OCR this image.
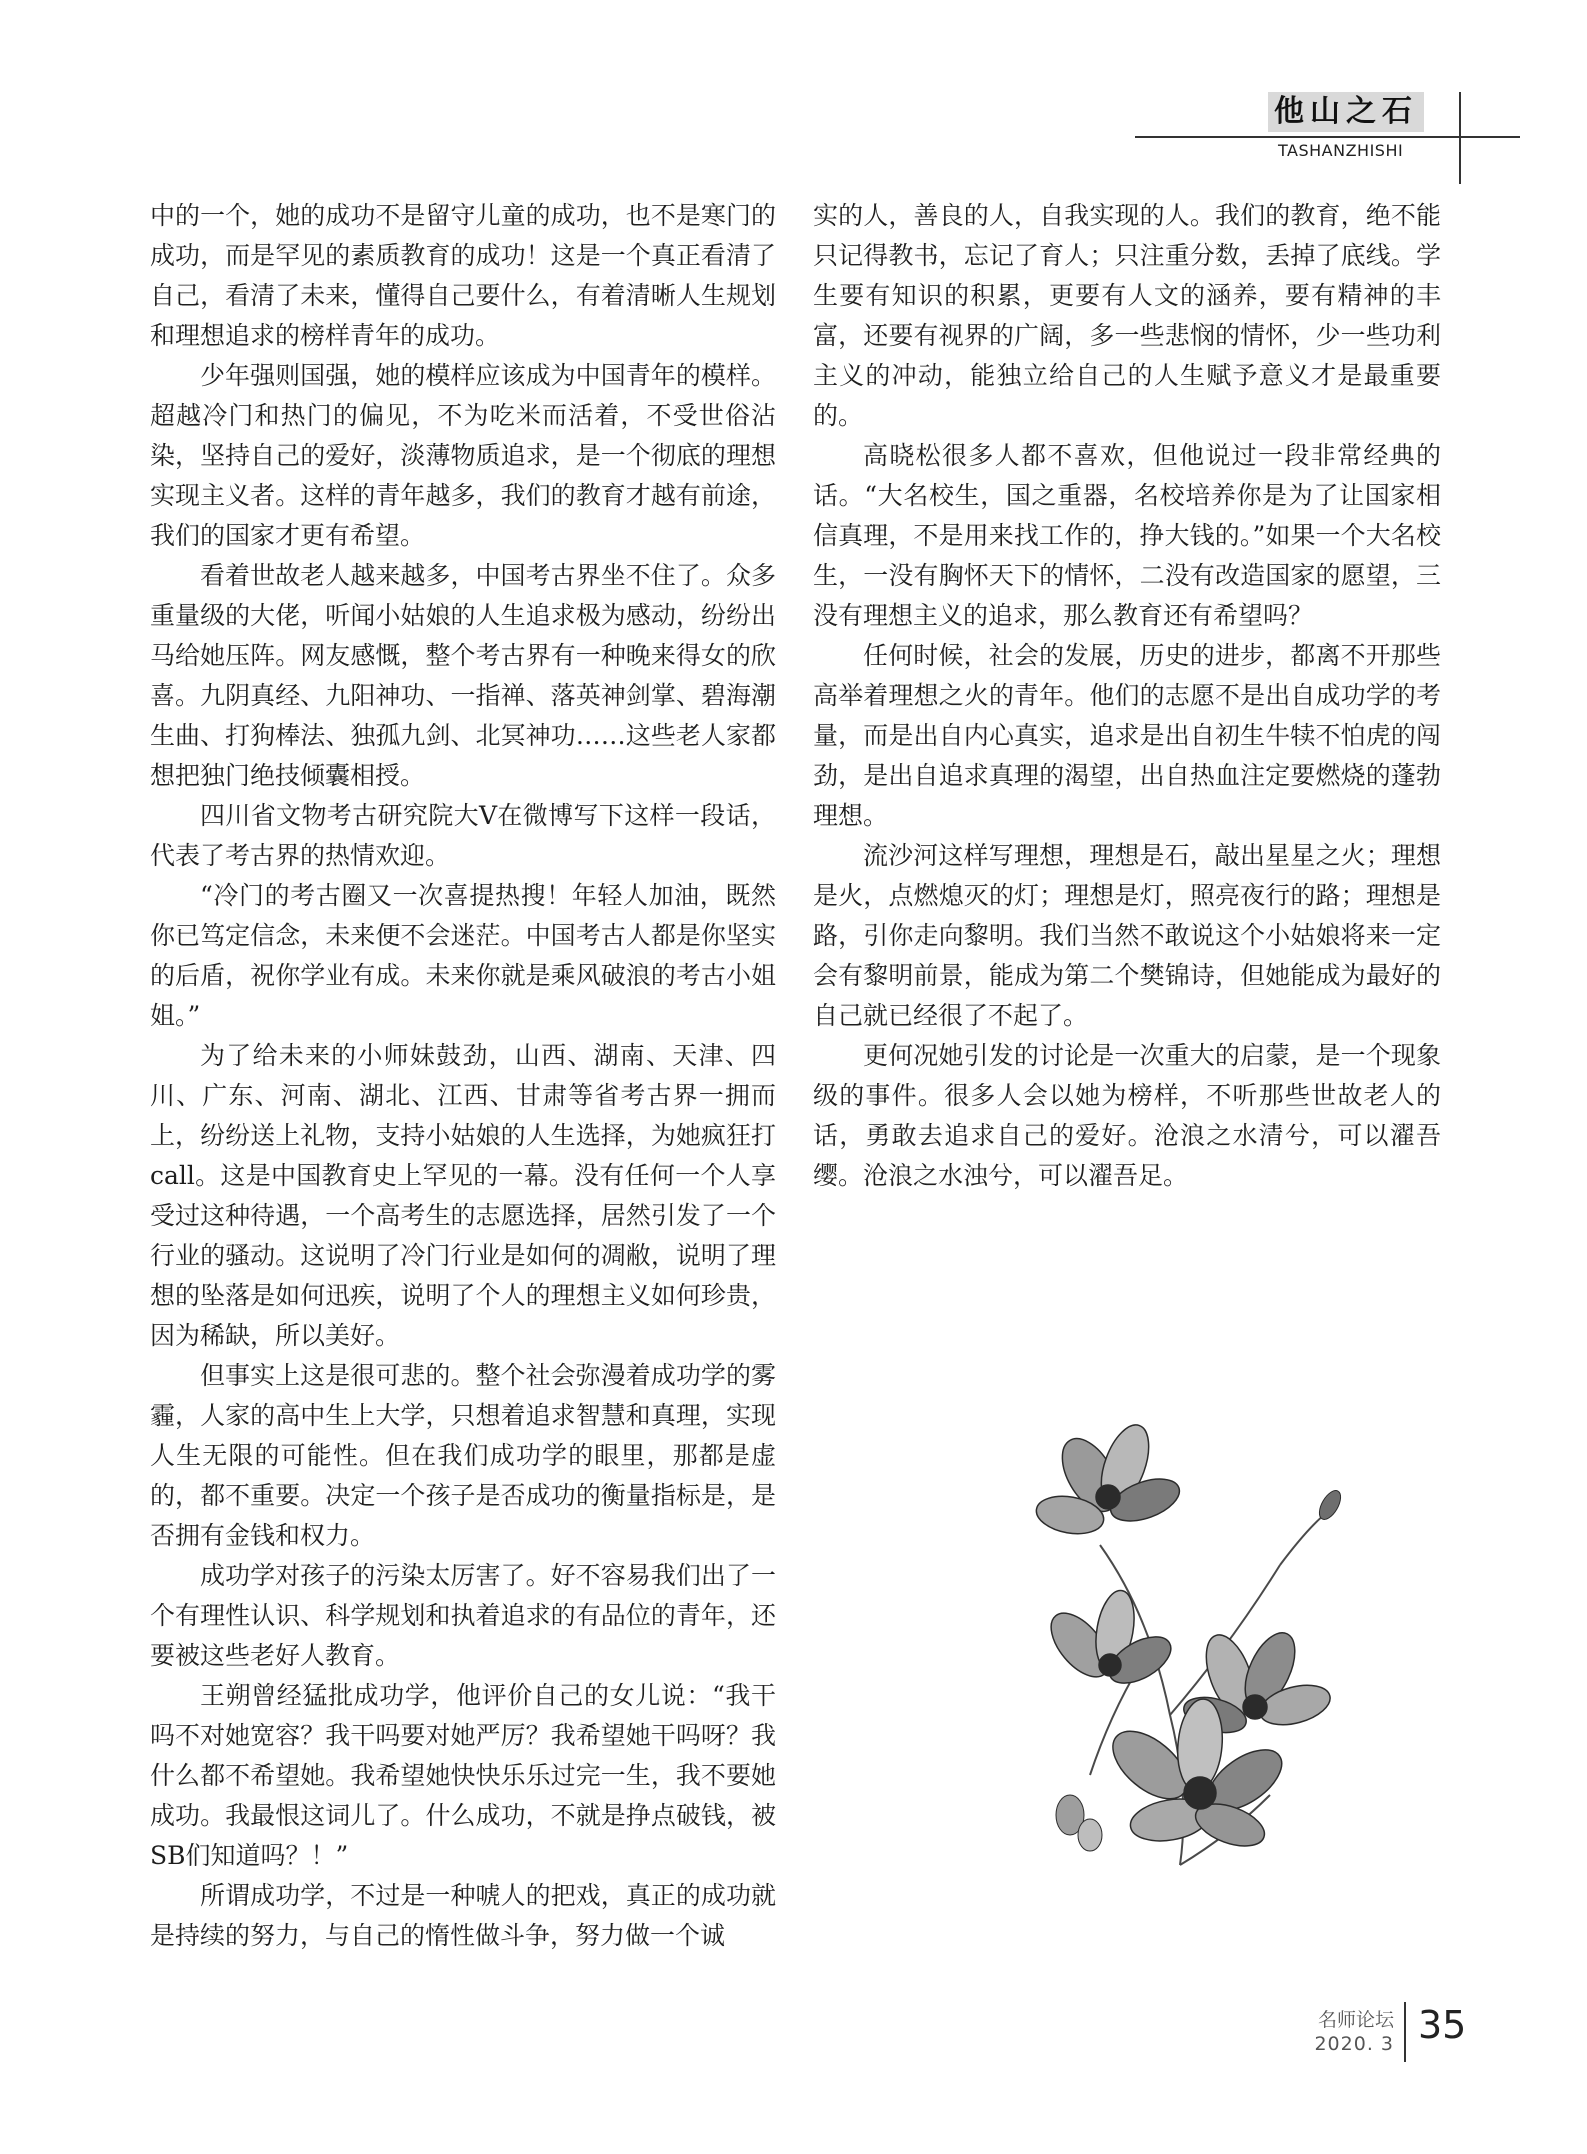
他山之石
TASHANZHISHI

中的一个，她的成功不是留守儿童的成功，也不是寒门的成功，而是罕见的素质教育的成功！这是一个真正看清了自己，看清了未来，懂得自己要什么，有着清晰人生规划和理想追求的榜样青年的成功。

少年强则国强，她的模样应该成为中国青年的模样。超越冷门和热门的偏见，不为吃米而活着，不受世俗沾染，坚持自己的爱好，淡薄物质追求，是一个彻底的理想实现主义者。这样的青年越多，我们的教育才越有前途，我们的国家才更有希望。

看着世故老人越来越多，中国考古界坐不住了。众多重量级的大佬，听闻小姑娘的人生追求极为感动，纷纷出马给她压阵。网友感慨，整个考古界有一种晚来得女的欣喜。九阴真经、九阳神功、一指禅、落英神剑掌、碧海潮生曲、打狗棒法、独孤九剑、北冥神功……这些老人家都想把独门绝技倾囊相授。

四川省文物考古研究院大V在微博写下这样一段话，代表了考古界的热情欢迎。

“冷门的考古圈又一次喜提热搜！年轻人加油，既然你已笃定信念，未来便不会迷茫。中国考古人都是你坚实的后盾，祝你学业有成。未来你就是乘风破浪的考古小姐姐。”

为了给未来的小师妹鼓劲，山西、湖南、天津、四川、广东、河南、湖北、江西、甘肃等省考古界一拥而上，纷纷送上礼物，支持小姑娘的人生选择，为她疯狂打call。这是中国教育史上罕见的一幕。没有任何一个人享受过这种待遇，一个高考生的志愿选择，居然引发了一个行业的骚动。这说明了冷门行业是如何的凋敝，说明了理想的坠落是如何迅疾，说明了个人的理想主义如何珍贵，因为稀缺，所以美好。

但事实上这是很可悲的。整个社会弥漫着成功学的雾霾，人家的高中生上大学，只想着追求智慧和真理，实现人生无限的可能性。但在我们成功学的眼里，那都是虚的，都不重要。决定一个孩子是否成功的衡量指标是，是否拥有金钱和权力。

成功学对孩子的污染太厉害了。好不容易我们出了一个有理性认识、科学规划和执着追求的有品位的青年，还要被这些老好人教育。

王朔曾经猛批成功学，他评价自己的女儿说：“我干吗不对她宽容？我干吗要对她严厉？我希望她干吗呀？我什么都不希望她。我希望她快快乐乐过完一生，我不要她成功。我最恨这词儿了。什么成功，不就是挣点破钱，被SB们知道吗？！”

所谓成功学，不过是一种唬人的把戏，真正的成功就是持续的努力，与自己的惰性做斗争，努力做一个诚

实的人，善良的人，自我实现的人。我们的教育，绝不能只记得教书，忘记了育人；只注重分数，丢掉了底线。学生要有知识的积累，更要有人文的涵养，要有精神的丰富，还要有视界的广阔，多一些悲悯的情怀，少一些功利主义的冲动，能独立给自己的人生赋予意义才是最重要的。

高晓松很多人都不喜欢，但他说过一段非常经典的话。“大名校生，国之重器，名校培养你是为了让国家相信真理，不是用来找工作的，挣大钱的。”如果一个大名校生，一没有胸怀天下的情怀，二没有改造国家的愿望，三没有理想主义的追求，那么教育还有希望吗？

任何时候，社会的发展，历史的进步，都离不开那些高举着理想之火的青年。他们的志愿不是出自成功学的考量，而是出自内心真实，追求是出自初生牛犊不怕虎的闯劲，是出自追求真理的渴望，出自热血注定要燃烧的蓬勃理想。

流沙河这样写理想，理想是石，敲出星星之火；理想是火，点燃熄灭的灯；理想是灯，照亮夜行的路；理想是路，引你走向黎明。我们当然不敢说这个小姑娘将来一定会有黎明前景，能成为第二个樊锦诗，但她能成为最好的自己就已经很了不起了。

更何况她引发的讨论是一次重大的启蒙，是一个现象级的事件。很多人会以她为榜样，不听那些世故老人的话，勇敢去追求自己的爱好。沧浪之水清兮，可以濯吾缨。沧浪之水浊兮，可以濯吾足。

名师论坛
2020. 3 35
